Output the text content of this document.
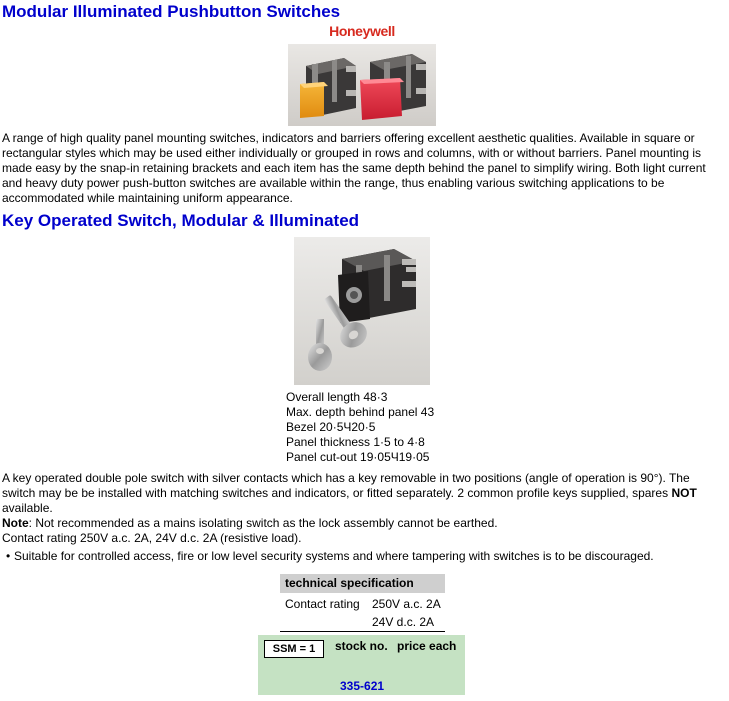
Modular Illuminated Pushbutton Switches
Honeywell

A range of high quality panel mounting switches, indicators and barriers offering excellent aesthetic qualities. Available in square or rectangular styles which may be used either individually or grouped in rows and columns, with or without barriers. Panel mounting is made easy by the snap-in retaining brackets and each item has the same depth behind the panel to simplify wiring. Both light current and heavy duty power push-button switches are available within the range, thus enabling various switching applications to be accommodated while maintaining uniform appearance.

Key Operated Switch, Modular & Illuminated
Overall length 48·3
Max. depth behind panel 43
Bezel 20·5Ч20·5
Panel thickness 1·5 to 4·8
Panel cut-out 19·05Ч19·05

A key operated double pole switch with silver contacts which has a key removable in two positions (angle of operation is 90°). The switch may be be installed with matching switches and indicators, or fitted separately. 2 common profile keys supplied, spares NOT available.

Note: Not recommended as a mains isolating switch as the lock assembly cannot be earthed.
Contact rating 250V a.c. 2A, 24V d.c. 2A (resistive load).
• Suitable for controlled access, fire or low level security systems and where tampering with switches is to be discouraged.
technical specification
Contact rating 250V a.c. 2A
24V d.c. 2A
SSM = 1	stock no. price each
335-621
